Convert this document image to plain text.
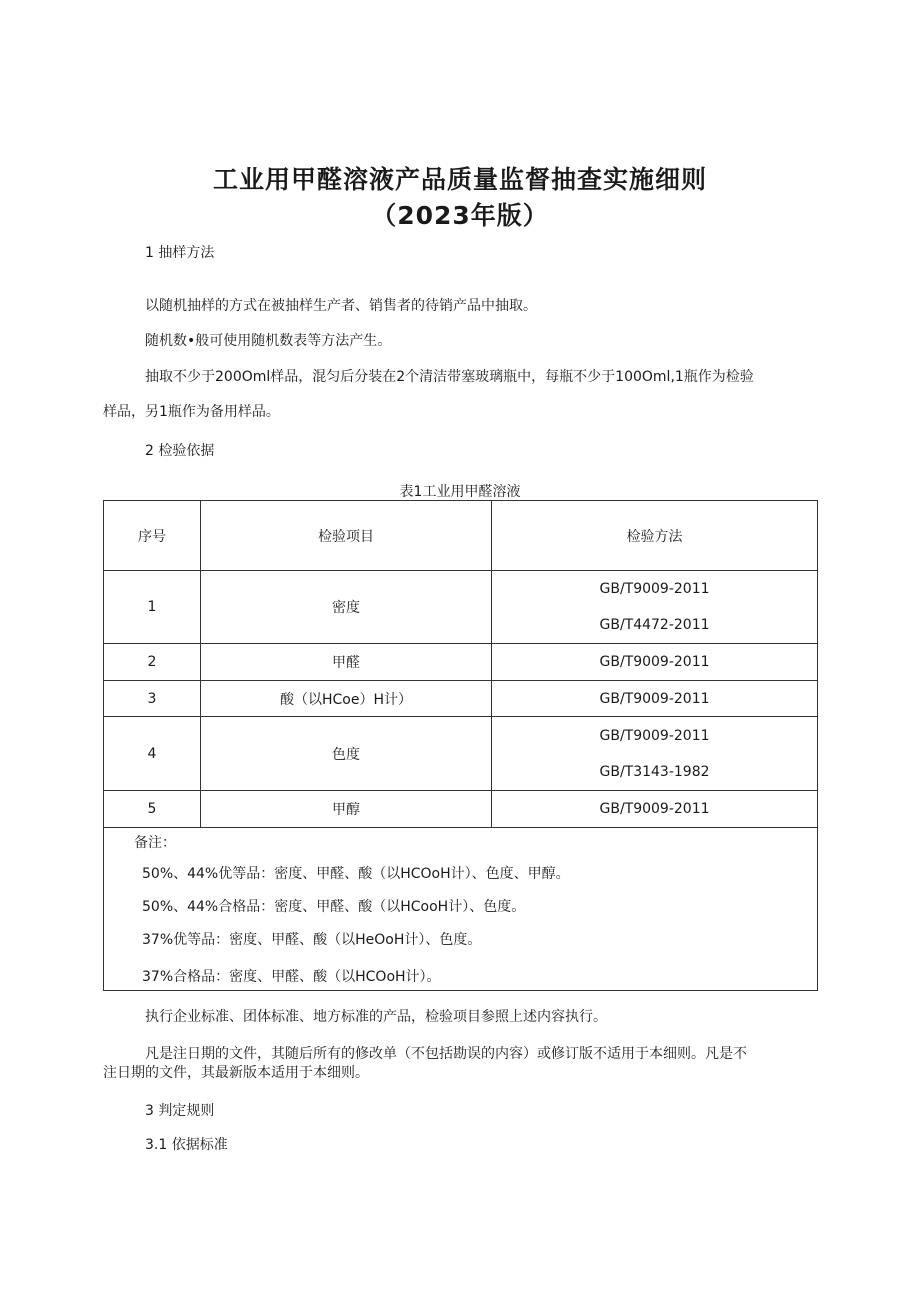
工业用甲醛溶液产品质量监督抽查实施细则
（2023年版）
1 抽样方法
以随机抽样的方式在被抽样生产者、销售者的待销产品中抽取。
随机数•般可使用随机数表等方法产生。
抽取不少于200Oml样品，混匀后分装在2个清洁带塞玻璃瓶中，每瓶不少于100Oml,1瓶作为检验
样品，另1瓶作为备用样品。
2 检验依据
表1工业用甲醛溶液
序号	检验项目	检验方法
1	密度	GB/T9009-2011
GB/T4472-2011

2	甲醛	GB/T9009-2011
3	酸（以HCoe）H计）	GB/T9009-2011
4	色度	GB/T9009-2011
GB/T3143-1982

5	甲醇	GB/T9009-2011

备注：
50%、44%优等品：密度、甲醛、酸（以HCOoH计）、色度、甲醇。
50%、44%合格品：密度、甲醛、酸（以HCooH计）、色度。
37%优等品：密度、甲醛、酸（以HeOoH计）、色度。
37%合格品：密度、甲醛、酸（以HCOoH计）。		
执行企业标准、团体标准、地方标准的产品，检验项目参照上述内容执行。
凡是注日期的文件，其随后所有的修改单（不包括勘误的内容）或修订版不适用于本细则。凡是不
注日期的文件，其最新版本适用于本细则。
3 判定规则
3.1 依据标准
